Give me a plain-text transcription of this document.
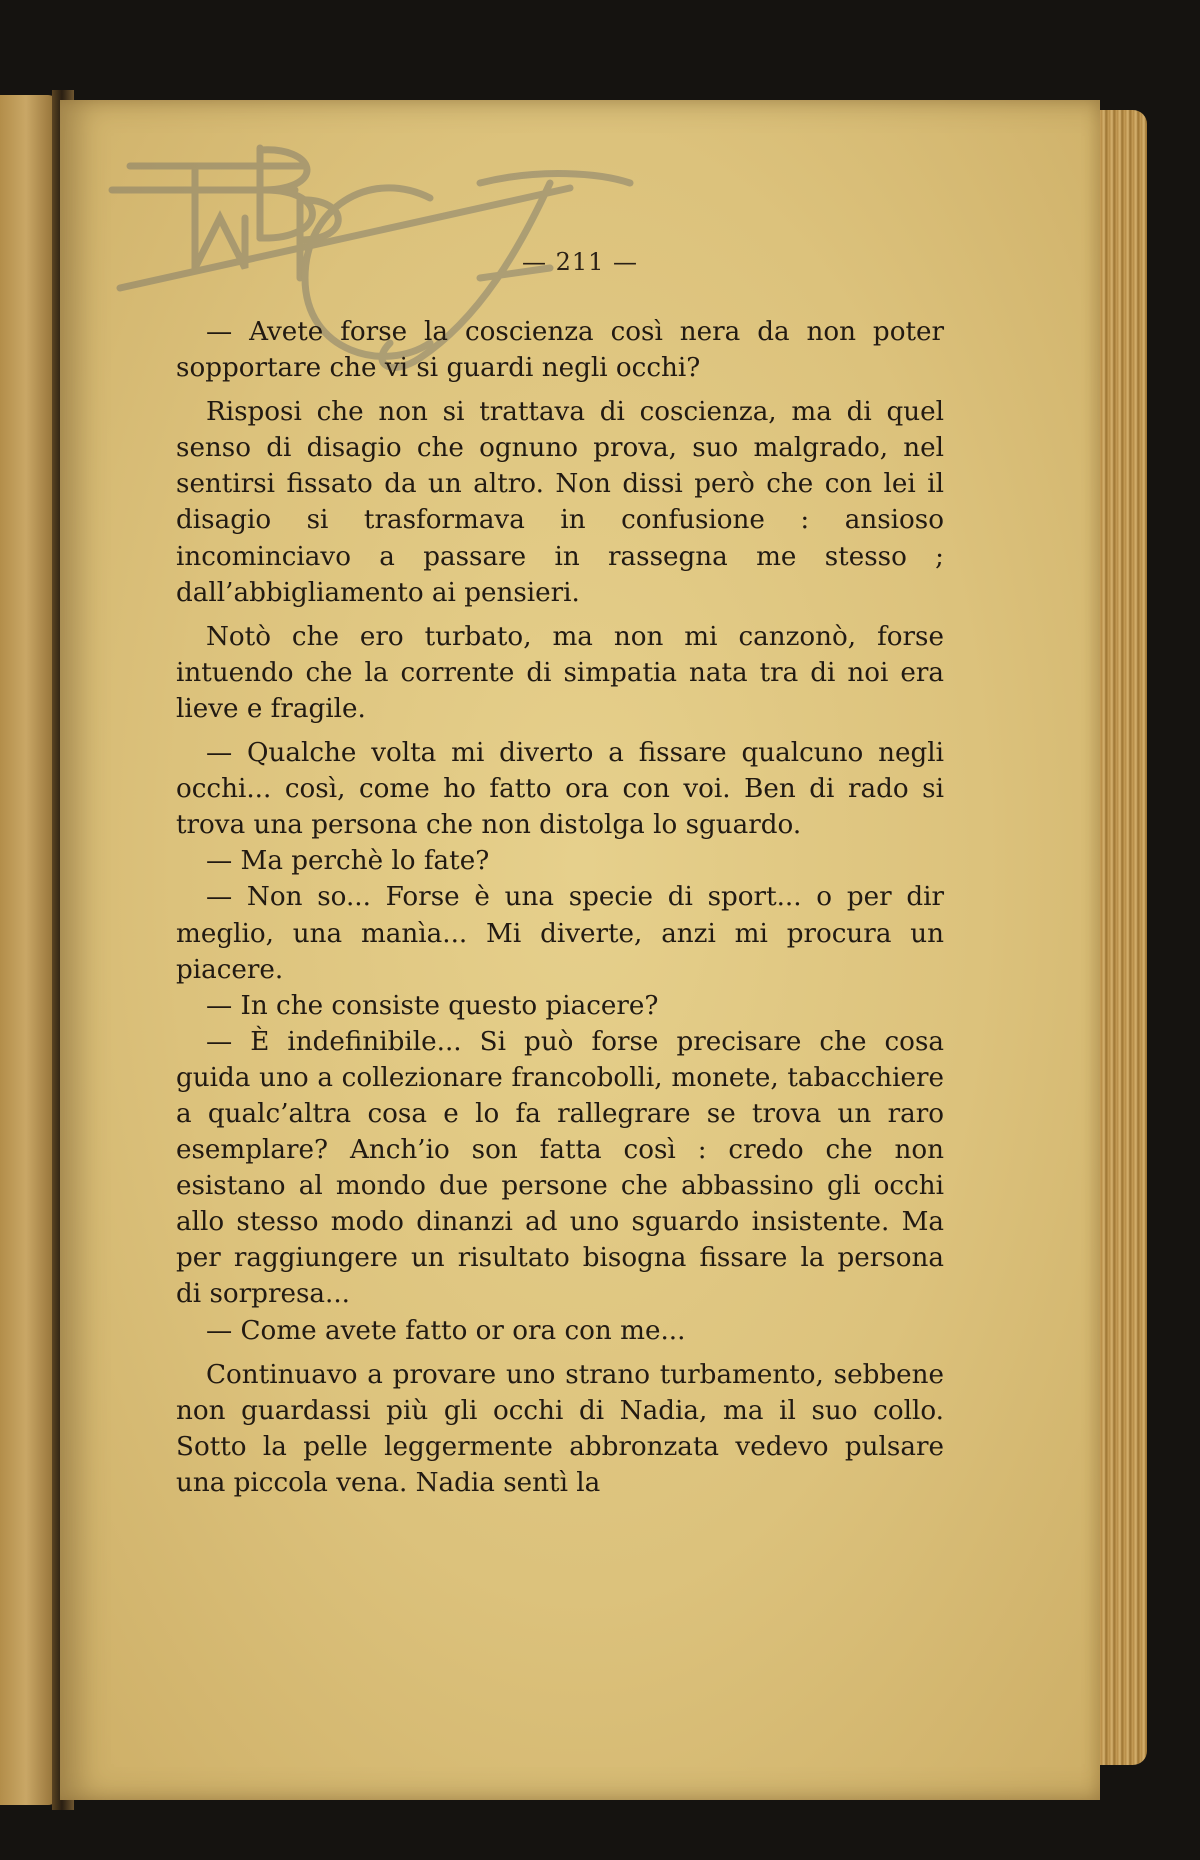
BNCF
— 211 —

— Avete forse la coscienza così nera da non poter sopportare che vi si guardi negli occhi?

Risposi che non si trattava di coscienza, ma di quel senso di disagio che ognuno prova, suo malgrado, nel sentirsi fissato da un altro. Non dissi però che con lei il disagio si trasformava in confusione : ansioso incominciavo a passare in rassegna me stesso ; dall’abbigliamento ai pensieri.

Notò che ero turbato, ma non mi canzonò, forse intuendo che la corrente di simpatia nata tra di noi era lieve e fragile.

— Qualche volta mi diverto a fissare qualcuno negli occhi... così, come ho fatto ora con voi. Ben di rado si trova una persona che non distolga lo sguardo.

— Ma perchè lo fate?

— Non so... Forse è una specie di sport... o per dir meglio, una manìa... Mi diverte, anzi mi procura un piacere.

— In che consiste questo piacere?

— È indefinibile... Si può forse precisare che cosa guida uno a collezionare francobolli, monete, tabacchiere a qualc’altra cosa e lo fa rallegrare se trova un raro esemplare? Anch’io son fatta così : credo che non esistano al mondo due persone che abbassino gli occhi allo stesso modo dinanzi ad uno sguardo insistente. Ma per raggiungere un risultato bisogna fissare la persona di sorpresa...

— Come avete fatto or ora con me...

Continuavo a provare uno strano turbamento, sebbene non guardassi più gli occhi di Nadia, ma il suo collo. Sotto la pelle leggermente abbronzata vedevo pulsare una piccola vena. Nadia sentì la
